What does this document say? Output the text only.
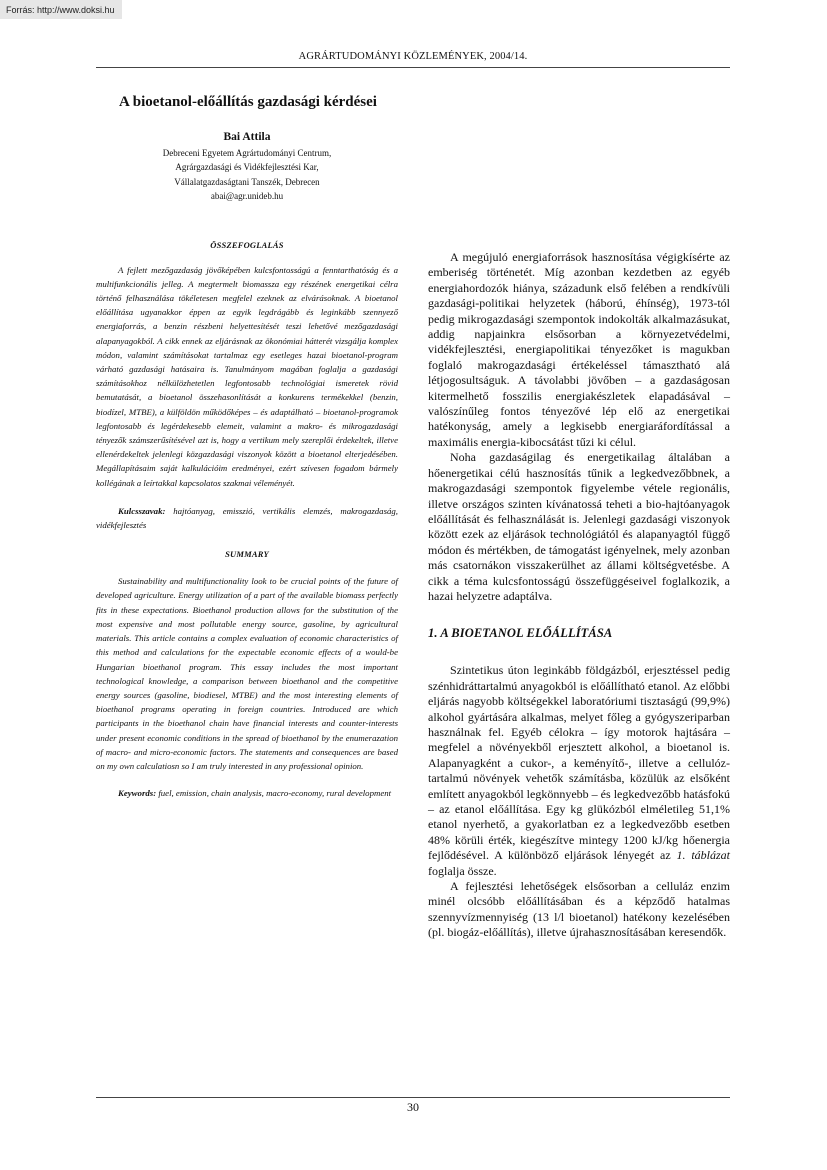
Forrás: http://www.doksi.hu
AGRÁRTUDOMÁNYI KÖZLEMÉNYEK, 2004/14.
A bioetanol-előállítás gazdasági kérdései
Bai Attila
Debreceni Egyetem Agrártudományi Centrum,
Agrárgazdasági és Vidékfejlesztési Kar,
Vállalatgazdaságtani Tanszék, Debrecen
abai@agr.unideb.hu
ÖSSZEFOGLALÁS

A fejlett mezőgazdaság jövőképében kulcsfontosságú a fenntarthatóság és a multifunkcionális jelleg. A megtermelt biomassza egy részének energetikai célra történő felhasználása tökéletesen megfelel ezeknek az elvárásoknak. A bioetanol előállítása ugyanakkor éppen az egyik legdrágább és leginkább szennyező energiaforrás, a benzin részbeni helyettesítését teszi lehetővé mezőgazdasági alapanyagokból. A cikk ennek az eljárásnak az ökonómiai hátterét vizsgálja komplex módon, valamint számításokat tartalmaz egy esetleges hazai bioetanol-program várható gazdasági hatásaira is. Tanulmányom magában foglalja a gazdasági számításokhoz nélkülözhetetlen legfontosabb technológiai ismeretek rövid bemutatását, a bioetanol összehasonlítását a konkurens termékekkel (benzin, biodízel, MTBE), a külföldön működőképes – és adaptálható – bioetanol-programok legfontosabb és legérdekesebb elemeit, valamint a makro- és mikrogazdasági tényezők számszerűsítésével azt is, hogy a vertikum mely szereplői érdekeltek, illetve ellenérdekeltek jelenlegi közgazdasági viszonyok között a bioetanol elterjedésében. Megállapításaim saját kalkulációim eredményei, ezért szívesen fogadom bármely kollégának a leírtakkal kapcsolatos szakmai véleményét.

Kulcsszavak: hajtóanyag, emisszió, vertikális elemzés, makrogazdaság, vidékfejlesztés

SUMMARY

Sustainability and multifunctionality look to be crucial points of the future of developed agriculture. Energy utilization of a part of the available biomass perfectly fits in these expectations. Bioethanol production allows for the substitution of the most expensive and most pollutable energy source, gasoline, by agricultural materials. This article contains a complex evaluation of economic characteristics of this method and calculations for the expectable economic effects of a would-be Hungarian bioethanol program. This essay includes the most important technological knowledge, a comparison between bioethanol and the competitive energy sources (gasoline, biodiesel, MTBE) and the most interesting elements of bioethanol programs operating in foreign countries. Introduced are which participants in the bioethanol chain have financial interests and counter-interests under present economic conditions in the spread of bioethanol by the enumerazation of macro- and micro-economic factors. The statements and consequences are based on my own calculatiosn so I am truly interested in any professional opinion.

Keywords: fuel, emission, chain analysis, macro-economy, rural development

A megújuló energiaforrások hasznosítása végigkísérte az emberiség történetét. Míg azonban kezdetben az egyéb energiahordozók hiánya, századunk első felében a rendkívüli gazdasági-politikai helyzetek (háború, éhínség), 1973-tól pedig mikrogazdasági szempontok indokolták alkalmazásukat, addig napjainkra elsősorban a környezetvédelmi, vidékfejlesztési, energiapolitikai tényezőket is magukban foglaló makrogazdasági értékeléssel támasztható alá létjogosultságuk. A távolabbi jövőben – a gazdaságosan kitermelhető fosszilis energiakészletek elapadásával – valószínűleg fontos tényezővé lép elő az energetikai hatékonyság, amely a legkisebb energiaráfordítással a maximális energia-kibocsátást tűzi ki célul.

Noha gazdaságilag és energetikailag általában a hőenergetikai célú hasznosítás tűnik a legkedvezőbbnek, a makrogazdasági szempontok figyelembe vétele regionális, illetve országos szinten kívánatossá teheti a bio-hajtóanyagok előállítását és felhasználását is. Jelenlegi gazdasági viszonyok között ezek az eljárások technológiától és alapanyagtól függő módon és mértékben, de támogatást igényelnek, mely azonban más csatornákon visszakerülhet az állami költségvetésbe. A cikk a téma kulcsfontosságú összefüggéseivel foglalkozik, a hazai helyzetre adaptálva.

1. A BIOETANOL ELŐÁLLÍTÁSA

Szintetikus úton leginkább földgázból, erjesztéssel pedig szénhidráttartalmú anyagokból is előállítható etanol. Az előbbi eljárás nagyobb költségekkel laboratóriumi tisztaságú (99,9%) alkohol gyártására alkalmas, melyet főleg a gyógyszeriparban használnak fel. Egyéb célokra – így motorok hajtására – megfelel a növényekből erjesztett alkohol, a bioetanol is. Alapanyagként a cukor-, a keményítő-, illetve a cellulóz-tartalmú növények vehetők számításba, közülük az elsőként említett anyagokból legkönnyebb – és legkedvezőbb hatásfokú – az etanol előállítása. Egy kg glükózból elméletileg 51,1% etanol nyerhető, a gyakorlatban ez a legkedvezőbb esetben 48% körüli érték, kiegészítve mintegy 1200 kJ/kg hőenergia fejlődésével. A különböző eljárások lényegét az 1. táblázat foglalja össze.

A fejlesztési lehetőségek elsősorban a celluláz enzim minél olcsóbb előállításában és a képződő hatalmas szennyvízmennyiség (13 l/l bioetanol) hatékony kezelésében (pl. biogáz-előállítás), illetve újrahasznosításában keresendők.

30
